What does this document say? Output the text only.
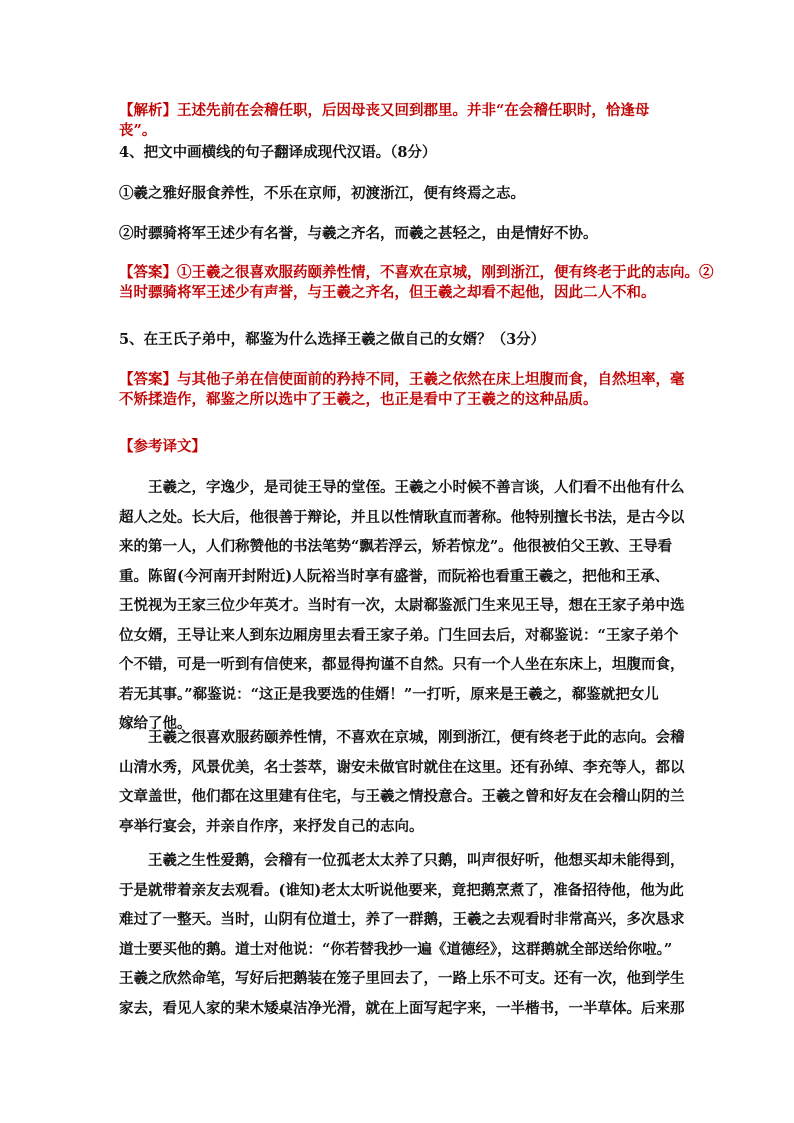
【解析】王述先前在会稽任职，后因母丧又回到郡里。并非“在会稽任职时，恰逢母丧”。

4、把文中画横线的句子翻译成现代汉语。（8分）

①羲之雅好服食养性，不乐在京师，初渡浙江，便有终焉之志。

②时骠骑将军王述少有名誉，与羲之齐名，而羲之甚轻之，由是情好不协。

【答案】①王羲之很喜欢服药颐养性情，不喜欢在京城，刚到浙江，便有终老于此的志向。②
当时骠骑将军王述少有声誉，与王羲之齐名，但王羲之却看不起他，因此二人不和。

5、在王氏子弟中，郗鉴为什么选择王羲之做自己的女婿？（3分）

【答案】与其他子弟在信使面前的矜持不同，王羲之依然在床上坦腹而食，自然坦率，毫
不矫揉造作，郗鉴之所以选中了王羲之，也正是看中了王羲之的这种品质。

【参考译文】

王羲之，字逸少，是司徒王导的堂侄。王羲之小时候不善言谈，人们看不出他有什么
超人之处。长大后，他很善于辩论，并且以性情耿直而著称。他特别擅长书法，是古今以
来的第一人，人们称赞他的书法笔势“飘若浮云，矫若惊龙”。他很被伯父王敦、王导看
重。陈留(今河南开封附近)人阮裕当时享有盛誉，而阮裕也看重王羲之，把他和王承、
王悦视为王家三位少年英才。当时有一次，太尉郗鉴派门生来见王导，想在王家子弟中选
位女婿，王导让来人到东边厢房里去看王家子弟。门生回去后，对郗鉴说：“王家子弟个
个不错，可是一听到有信使来，都显得拘谨不自然。只有一个人坐在东床上，坦腹而食，
若无其事。”郗鉴说：“这正是我要选的佳婿！”一打听，原来是王羲之，郗鉴就把女儿
嫁给了他。
王羲之很喜欢服药颐养性情，不喜欢在京城，刚到浙江，便有终老于此的志向。会稽
山清水秀，风景优美，名士荟萃，谢安未做官时就住在这里。还有孙绰、李充等人，都以
文章盖世，他们都在这里建有住宅，与王羲之情投意合。王羲之曾和好友在会稽山阴的兰
亭举行宴会，并亲自作序，来抒发自己的志向。
王羲之生性爱鹅，会稽有一位孤老太太养了只鹅，叫声很好听，他想买却未能得到，
于是就带着亲友去观看。(谁知)老太太听说他要来，竟把鹅烹煮了，准备招待他，他为此
难过了一整天。当时，山阴有位道士，养了一群鹅，王羲之去观看时非常高兴，多次恳求
道士要买他的鹅。道士对他说：“你若替我抄一遍《道德经》，这群鹅就全部送给你啦。”
王羲之欣然命笔，写好后把鹅装在笼子里回去了，一路上乐不可支。还有一次，他到学生
家去，看见人家的棐木矮桌洁净光滑，就在上面写起字来，一半楷书，一半草体。后来那
